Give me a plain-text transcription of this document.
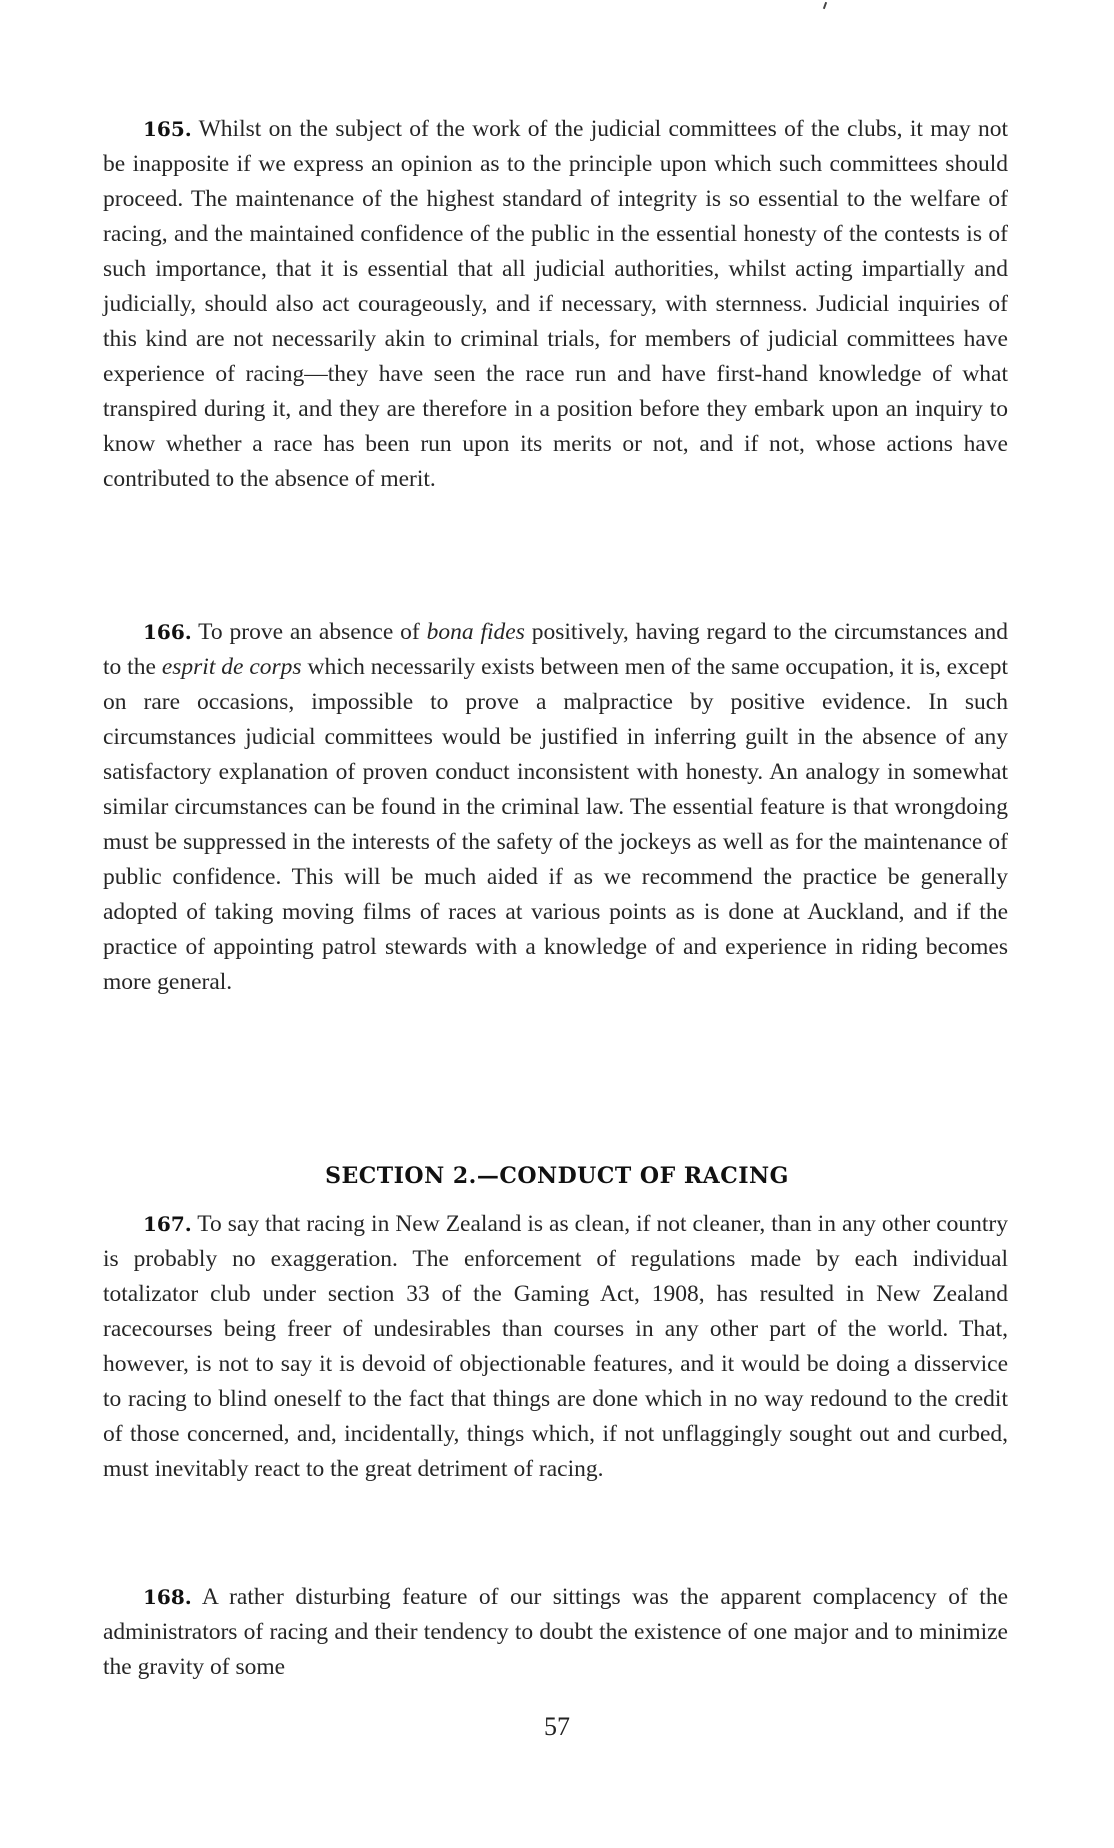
165. Whilst on the subject of the work of the judicial committees of the clubs, it may not be inapposite if we express an opinion as to the principle upon which such committees should proceed. The maintenance of the highest standard of integrity is so essential to the welfare of racing, and the maintained confidence of the public in the essential honesty of the contests is of such importance, that it is essential that all judicial authorities, whilst acting impartially and judicially, should also act courageously, and if necessary, with sternness. Judicial inquiries of this kind are not necessarily akin to criminal trials, for members of judicial committees have experience of racing—they have seen the race run and have first-hand knowledge of what transpired during it, and they are therefore in a position before they embark upon an inquiry to know whether a race has been run upon its merits or not, and if not, whose actions have contributed to the absence of merit.

166. To prove an absence of bona fides positively, having regard to the circumstances and to the esprit de corps which necessarily exists between men of the same occupation, it is, except on rare occasions, impossible to prove a malpractice by positive evidence. In such circumstances judicial committees would be justified in inferring guilt in the absence of any satisfactory explanation of proven conduct inconsistent with honesty. An analogy in somewhat similar circumstances can be found in the criminal law. The essential feature is that wrongdoing must be suppressed in the interests of the safety of the jockeys as well as for the maintenance of public confidence. This will be much aided if as we recommend the practice be generally adopted of taking moving films of races at various points as is done at Auckland, and if the practice of appointing patrol stewards with a knowledge of and experience in riding becomes more general.

SECTION 2.—CONDUCT OF RACING

167. To say that racing in New Zealand is as clean, if not cleaner, than in any other country is probably no exaggeration. The enforcement of regulations made by each individual totalizator club under section 33 of the Gaming Act, 1908, has resulted in New Zealand racecourses being freer of undesirables than courses in any other part of the world. That, however, is not to say it is devoid of objectionable features, and it would be doing a disservice to racing to blind oneself to the fact that things are done which in no way redound to the credit of those concerned, and, incidentally, things which, if not unflaggingly sought out and curbed, must inevitably react to the great detriment of racing.

168. A rather disturbing feature of our sittings was the apparent complacency of the administrators of racing and their tendency to doubt the existence of one major and to minimize the gravity of some

57
